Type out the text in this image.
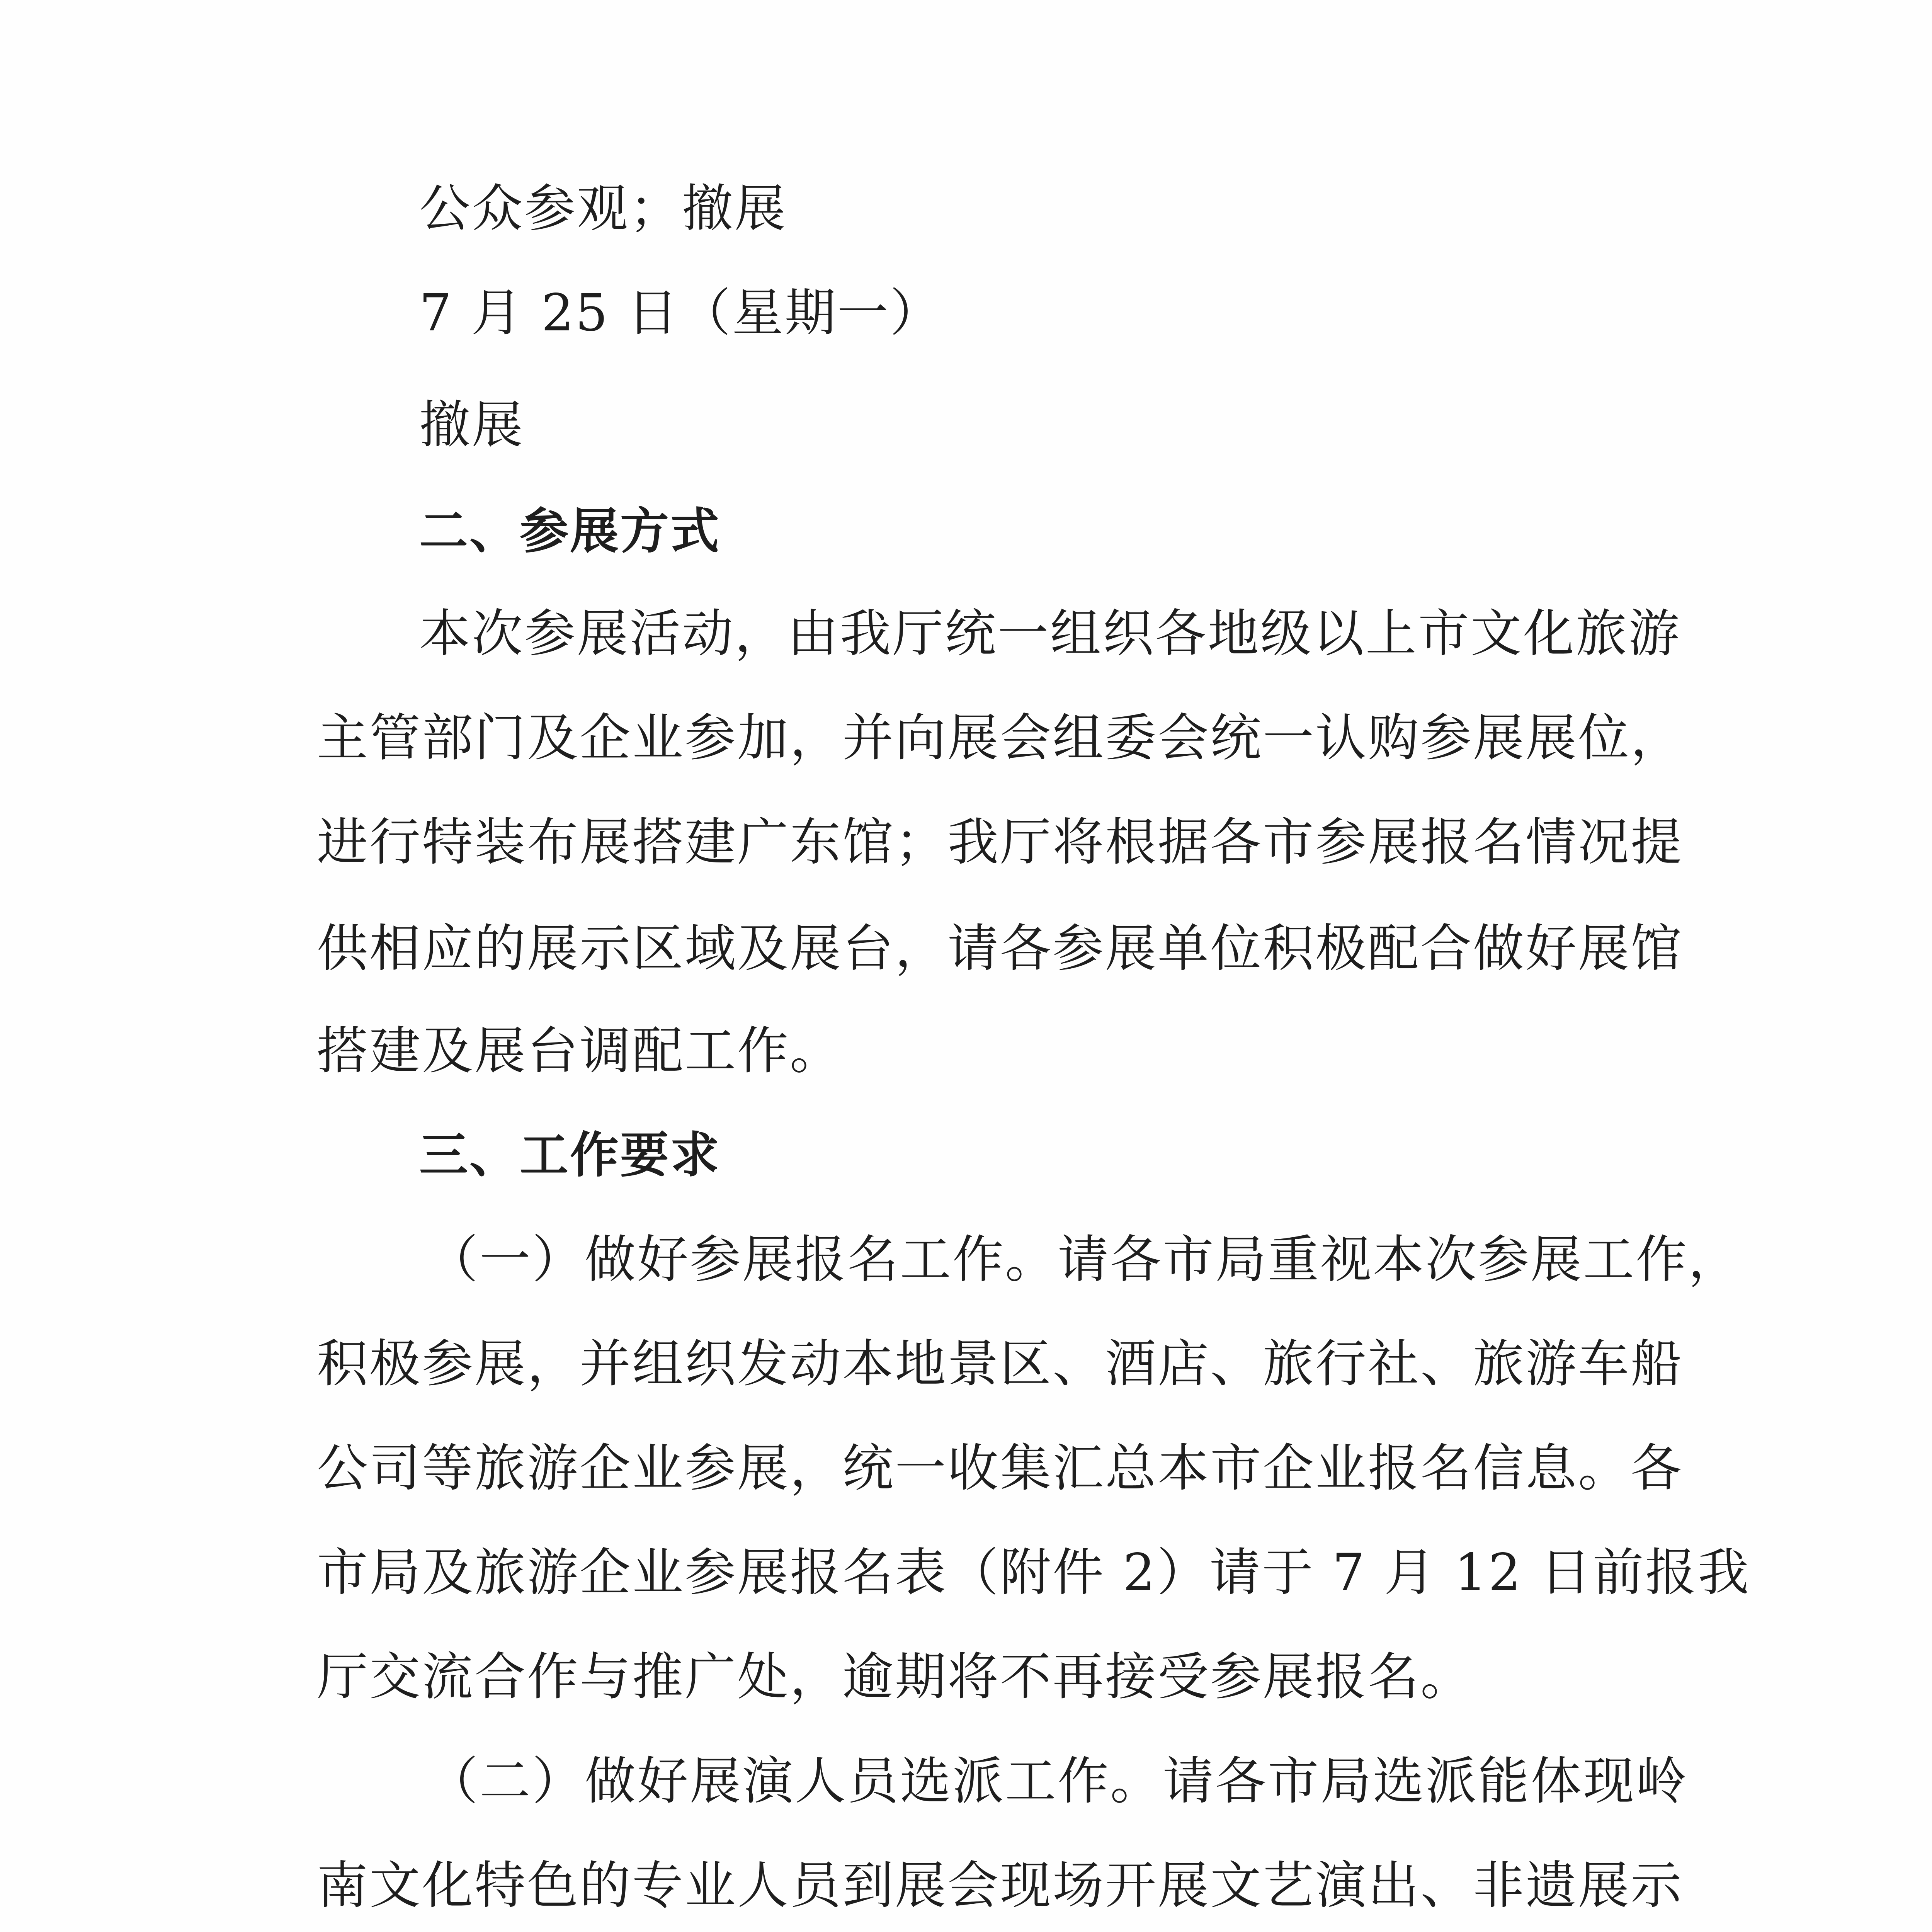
公众参观；撤展
7 月 25 日（星期一）
撤展
二、参展方式
本次参展活动，由我厅统一组织各地级以上市文化旅游
主管部门及企业参加，并向展会组委会统一认购参展展位，
进行特装布展搭建广东馆；我厅将根据各市参展报名情况提
供相应的展示区域及展台，请各参展单位积极配合做好展馆
搭建及展台调配工作。
三、工作要求
（一）做好参展报名工作。请各市局重视本次参展工作，
积极参展，并组织发动本地景区、酒店、旅行社、旅游车船
公司等旅游企业参展，统一收集汇总本市企业报名信息。各
市局及旅游企业参展报名表（附件 2）请于 7 月 12 日前报我
厅交流合作与推广处，逾期将不再接受参展报名。
（二）做好展演人员选派工作。请各市局选派能体现岭
南文化特色的专业人员到展会现场开展文艺演出、非遗展示
